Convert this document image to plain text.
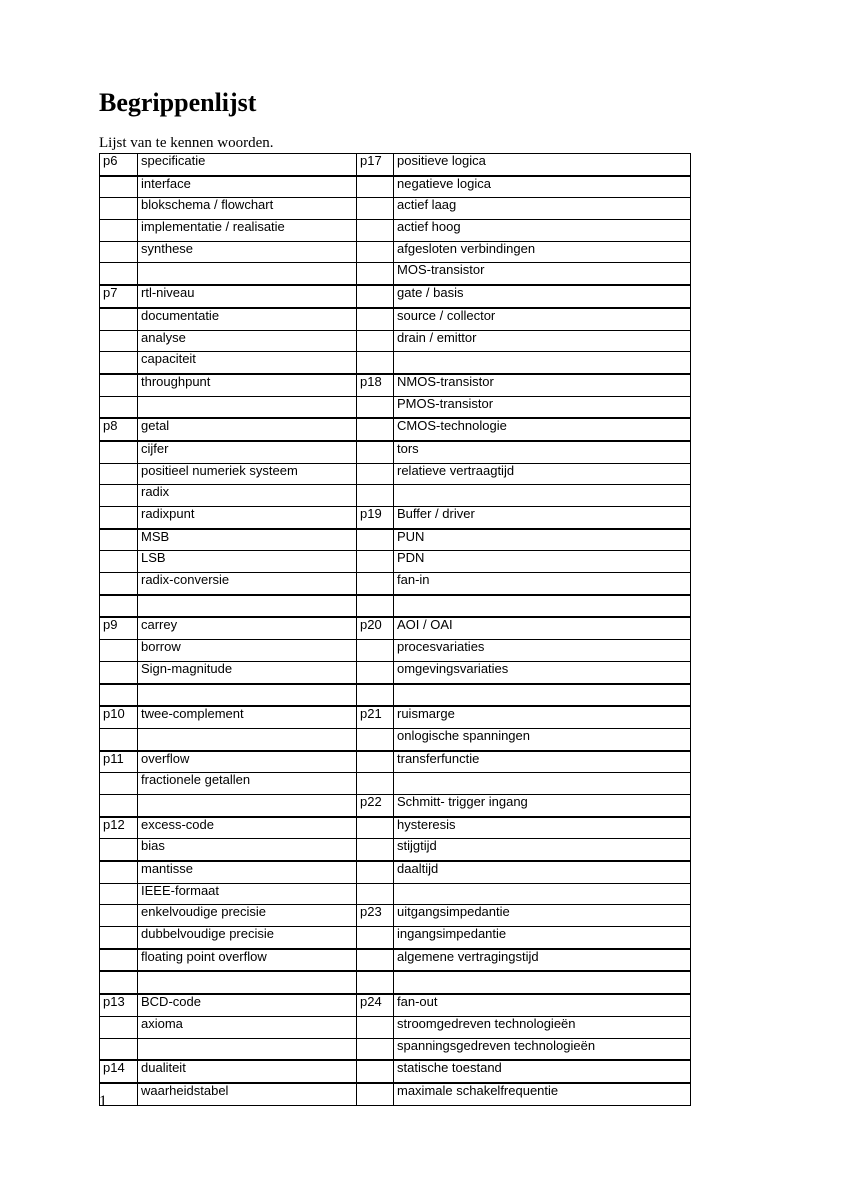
Begrippenlijst
Lijst van te kennen woorden.
p6	specificatie	p17	positieve logica
	interface		negatieve logica
	blokschema / flowchart		actief laag
	implementatie / realisatie		actief hoog
	synthese		afgesloten verbindingen
			MOS-transistor
p7	rtl-niveau		gate / basis
	documentatie		source / collector
	analyse		drain / emittor
	capaciteit		
	throughpunt	p18	NMOS-transistor
			PMOS-transistor
p8	getal		CMOS-technologie
	cijfer		tors
	positieel numeriek systeem		relatieve vertraagtijd
	radix		
	radixpunt	p19	Buffer / driver
	MSB		PUN
	LSB		PDN
	radix-conversie		fan-in

p9	carrey	p20	AOI / OAI
	borrow		procesvariaties
	Sign-magnitude		omgevingsvariaties

p10	twee-complement	p21	ruismarge
			onlogische spanningen
p11	overflow		transferfunctie
	fractionele getallen		
		p22	Schmitt- trigger ingang
p12	excess-code		hysteresis
	bias		stijgtijd
	mantisse		daaltijd
	IEEE-formaat		
	enkelvoudige precisie	p23	uitgangsimpedantie
	dubbelvoudige precisie		ingangsimpedantie
	floating point overflow		algemene vertragingstijd

p13	BCD-code	p24	fan-out
	axioma		stroomgedreven technologieën
			spanningsgedreven technologieën
p14	dualiteit		statische toestand
	waarheidstabel		maximale schakelfrequentie
1
